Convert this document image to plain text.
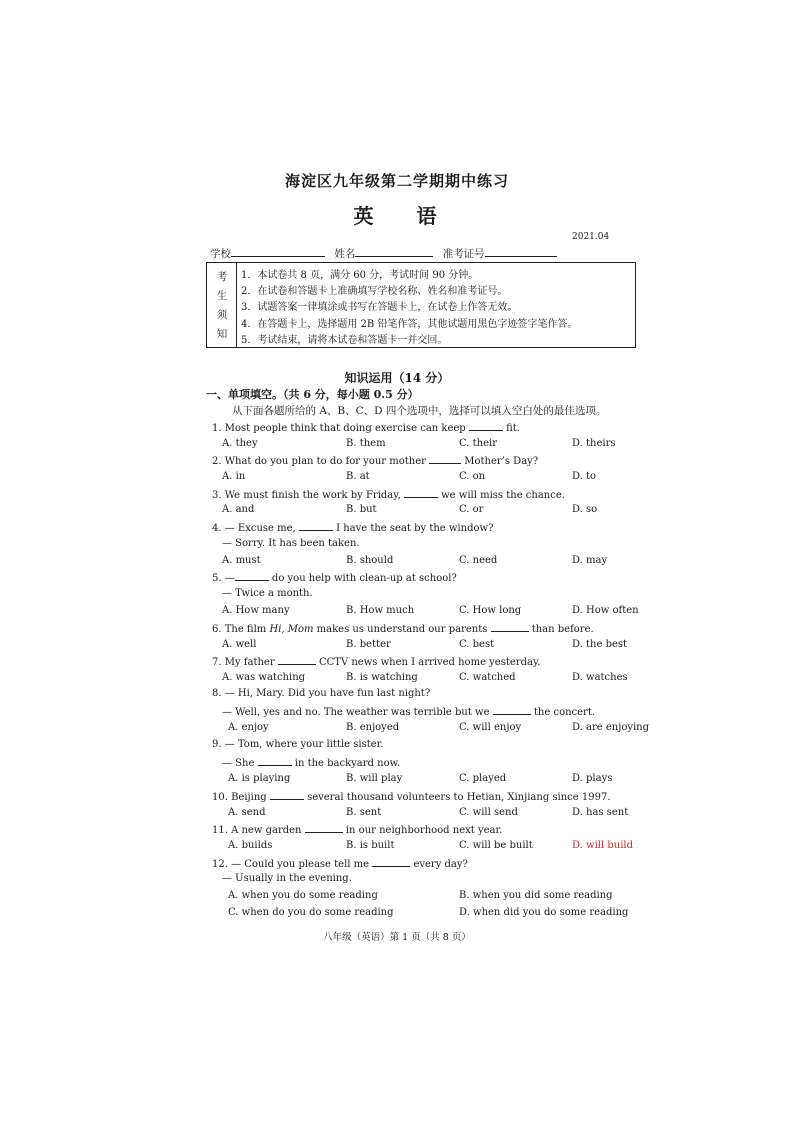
海淀区九年级第二学期期中练习
英 语
2021.04
学校	姓名	准考证号
考
生
须
知
1．本试卷共 8 页，满分 60 分，考试时间 90 分钟。
2．在试卷和答题卡上准确填写学校名称、姓名和准考证号。
3．试题答案一律填涂或书写在答题卡上，在试卷上作答无效。
4．在答题卡上，选择题用 2B 铅笔作答，其他试题用黑色字迹签字笔作答。
5．考试结束，请将本试卷和答题卡一并交回。
知识运用（14 分）
一、单项填空。（共 6 分，每小题 0.5 分）
从下面各题所给的 A、B、C、D 四个选项中，选择可以填入空白处的最佳选项。
1. Most people think that doing exercise can keep	fit.
A. they	B. them	C. their	D. theirs
2. What do you plan to do for your mother	Mother’s Day?
A. in	B. at	C. on	D. to
3. We must finish the work by Friday,	we will miss the chance.
A. and	B. but	C. or	D. so
4. — Excuse me,	I have the seat by the window?
— Sorry. It has been taken.
A. must	B. should	C. need	D. may
5. —	do you help with clean-up at school?
— Twice a month.
A. How many	B. How much	C. How long	D. How often
6. The film Hi, Mom makes us understand our parents	than before.
A. well	B. better	C. best	D. the best
7. My father	CCTV news when I arrived home yesterday.
A. was watching	B. is watching	C. watched	D. watches
8. — Hi, Mary. Did you have fun last night?
— Well, yes and no. The weather was terrible but we	the concert.
A. enjoy	B. enjoyed	C. will enjoy	D. are enjoying
9. — Tom, where your little sister.
— She	in the backyard now.
A. is playing	B. will play	C. played	D. plays
10. Beijing	several thousand volunteers to Hetian, Xinjiang since 1997.
A. send	B. sent	C. will send	D. has sent
11. A new garden	in our neighborhood next year.
A. builds	B. is built	C. will be built	D. will build
12. — Could you please tell me	every day?
— Usually in the evening.
A. when you do some reading	B. when you did some reading
C. when do you do some reading	D. when did you do some reading
八年级（英语）第 1 页（共 8 页）
